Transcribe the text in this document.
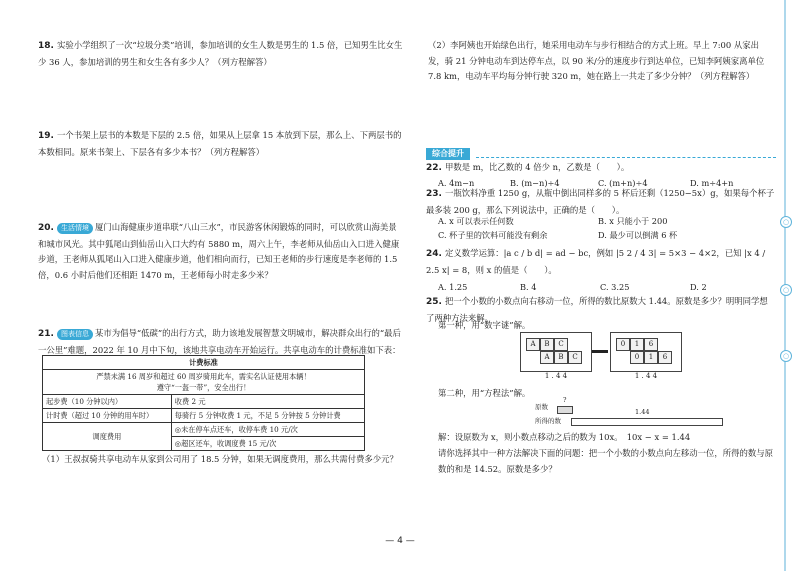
18. 实验小学组织了一次“垃圾分类”培训，参加培训的女生人数是男生的 1.5 倍，已知男生比女生少 36 人，参加培训的男生和女生各有多少人？（列方程解答）
19. 一个书架上层书的本数是下层的 2.5 倍，如果从上层拿 15 本放到下层，那么上、下两层书的本数相同。原来书架上、下层各有多少本书？（列方程解答）
20. 生活情境 厦门山海健康步道串联“八山三水”，市民游客休闲锻炼的同时，可以欣赏山海美景和城市风光。其中狐尾山到仙岳山入口大约有 5880 m，周六上午，李老师从仙岳山入口进入健康步道，王老师从狐尾山入口进入健康步道，他们相向而行，已知王老师的步行速度是李老师的 1.5 倍，0.6 小时后他们还相距 1470 m，王老师每小时走多少米？
21. 图表信息 某市为倡导“低碳”的出行方式，助力该地发展智慧文明城市，解决群众出行的“最后一公里”难题，2022 年 10 月中下旬，该地共享电动车开始运行。共享电动车的计费标准如下表：
计费标准	
严禁未满 16 周岁和超过 60 周岁骑用此车，需实名认证使用本辆！
遵守“一盔一带”，安全出行！	
起步费（10 分钟以内）	收费 2 元
计时费（超过 10 分钟的用车时）	每骑行 5 分钟收费 1 元，不足 5 分钟按 5 分钟计费
调度费用	◎未在停车点还车，收停车费 10 元/次
	◎超区还车，收调度费 15 元/次
（1）王叔叔骑共享电动车从家到公司用了 18.5 分钟，如果无调度费用，那么共需付费多少元？
（2）李阿姨也开始绿色出行，她采用电动车与步行相结合的方式上班。早上 7:00 从家出发，骑 21 分钟电动车到达停车点，以 90 米/分的速度步行到达单位，已知李阿姨家离单位 7.8 km，电动车平均每分钟行驶 320 m，她在路上一共走了多少分钟？（列方程解答）
综合提升
22. 甲数是 m，比乙数的 4 倍少 n，乙数是（　　）。
A. 4m−n	B. (m−n)÷4	C. (m+n)÷4	D. m÷4+n
23. 一瓶饮料净重 1250 g，从瓶中倒出同样多的 5 杯后还剩（1250−5x）g，如果每个杯子最多装 200 g，那么下列说法中，正确的是（　　）。
A. x 可以表示任何数	B. x 只能小于 200
C. 杯子里的饮料可能没有剩余	D. 最少可以倒满 6 杯
24. 定义数学运算：|a c / b d| = ad − bc，例如 |5 2 / 4 3| = 5×3 − 4×2，已知 |x 4 / 2.5 x| = 8，则 x 的值是（　　）。
A. 1.25	B. 4	C. 3.25	D. 2
25. 把一个小数的小数点向右移动一位，所得的数比原数大 1.44。原数是多少？明明同学想了两种方法来解。
第一种，用“数字谜”解。
A	B	C
A	B	C
1 . 4 4
0	1	6
0	1	6
1 . 4 4
第二种，用“方程法”解。
原数
?
所得的数
1.44
解：设原数为 x，则小数点移动之后的数为 10x。　10x − x = 1.44
请你选择其中一种方法解决下面的问题：把一个小数的小数点向左移动一位，所得的数与原数的和是 14.52。原数是多少？
○
○
○
— 4 —
